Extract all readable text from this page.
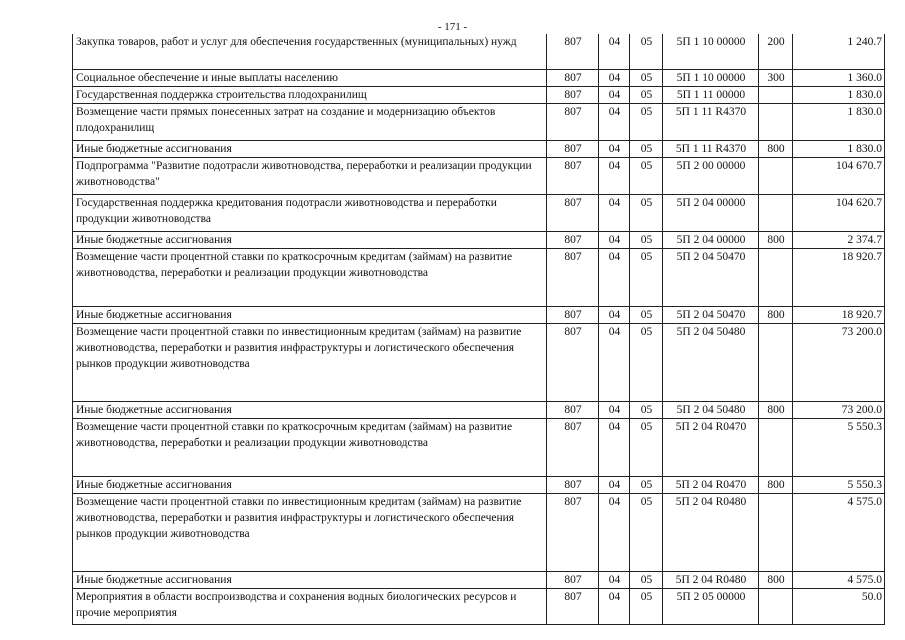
- 171 -
Закупка товаров, работ и услуг для обеспечения государственных (муниципальных) нужд	807	04	05	5П 1 10 00000	200	1 240.7
Социальное обеспечение и иные выплаты населению	807	04	05	5П 1 10 00000	300	1 360.0
Государственная поддержка строительства плодохранилищ	807	04	05	5П 1 11 00000		1 830.0
Возмещение части прямых понесенных затрат на создание и модернизацию объектов плодохранилищ	807	04	05	5П 1 11 R4370		1 830.0
Иные бюджетные ассигнования	807	04	05	5П 1 11 R4370	800	1 830.0
Подпрограмма "Развитие подотрасли животноводства, переработки и реализации продукции животноводства"	807	04	05	5П 2 00 00000		104 670.7
Государственная поддержка кредитования подотрасли животноводства и переработки продукции животноводства	807	04	05	5П 2 04 00000		104 620.7
Иные бюджетные ассигнования	807	04	05	5П 2 04 00000	800	2 374.7
Возмещение части процентной ставки по краткосрочным кредитам (займам) на развитие животноводства, переработки и реализации продукции животноводства	807	04	05	5П 2 04 50470		18 920.7
Иные бюджетные ассигнования	807	04	05	5П 2 04 50470	800	18 920.7
Возмещение части процентной ставки по инвестиционным кредитам (займам) на развитие животноводства, переработки и развития инфраструктуры и логистического обеспечения рынков продукции животноводства	807	04	05	5П 2 04 50480		73 200.0
Иные бюджетные ассигнования	807	04	05	5П 2 04 50480	800	73 200.0
Возмещение части процентной ставки по краткосрочным кредитам (займам) на развитие животноводства, переработки и реализации продукции животноводства	807	04	05	5П 2 04 R0470		5 550.3
Иные бюджетные ассигнования	807	04	05	5П 2 04 R0470	800	5 550.3
Возмещение части процентной ставки по инвестиционным кредитам (займам) на развитие животноводства, переработки и развития инфраструктуры и логистического обеспечения рынков продукции животноводства	807	04	05	5П 2 04 R0480		4 575.0
Иные бюджетные ассигнования	807	04	05	5П 2 04 R0480	800	4 575.0
Мероприятия в области воспроизводства и сохранения водных биологических ресурсов и прочие мероприятия	807	04	05	5П 2 05 00000		50.0
